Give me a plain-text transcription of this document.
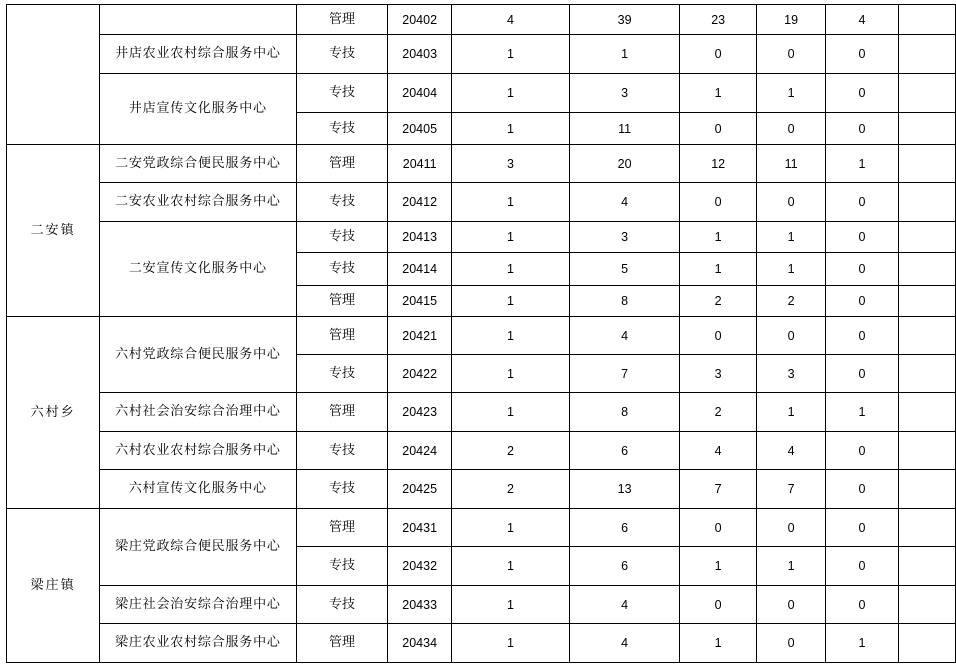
		管理	20402	4	39	23	19	4	
	井店农业农村综合服务中心	专技	20403	1	1	0	0	0	
	井店宣传文化服务中心	专技	20404	1	3	1	1	0	
		专技	20405	1	11	0	0	0	
二安镇	二安党政综合便民服务中心	管理	20411	3	20	12	11	1	
	二安农业农村综合服务中心	专技	20412	1	4	0	0	0	
	二安宣传文化服务中心	专技	20413	1	3	1	1	0	
		专技	20414	1	5	1	1	0	
		管理	20415	1	8	2	2	0	
六村乡	六村党政综合便民服务中心	管理	20421	1	4	0	0	0	
		专技	20422	1	7	3	3	0	
	六村社会治安综合治理中心	管理	20423	1	8	2	1	1	
	六村农业农村综合服务中心	专技	20424	2	6	4	4	0	
	六村宣传文化服务中心	专技	20425	2	13	7	7	0	
梁庄镇	梁庄党政综合便民服务中心	管理	20431	1	6	0	0	0	
		专技	20432	1	6	1	1	0	
	梁庄社会治安综合治理中心	专技	20433	1	4	0	0	0	
	梁庄农业农村综合服务中心	管理	20434	1	4	1	0	1	
